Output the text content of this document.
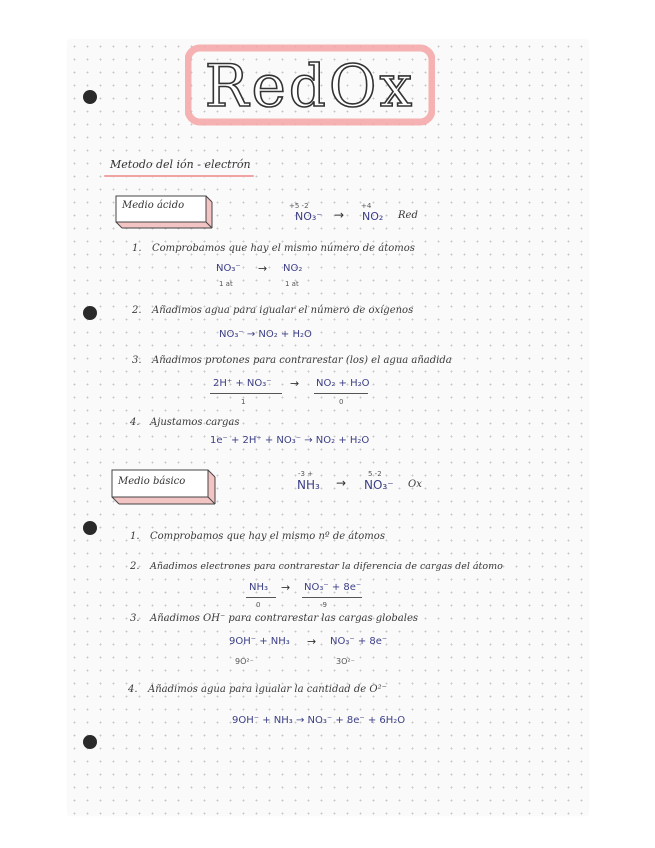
RedOx
Metodo del ión - electrón
Medio ácido	+5 -2	+4
NO₃⁻ → NO₂ Red
1. Comprobamos que hay el mismo número de átomos
NO₃⁻ → NO₂
1 at	1 at
2. Añadimos agua para igualar el número de oxígenos
NO₃⁻ → NO₂ + H₂O
3. Añadimos protones para contrarestar (los) el agua añadida
2H⁺ + NO₃⁻ → NO₂ + H₂O
1	0
4. Ajustamos cargas
1e⁻ + 2H⁺ + NO₃⁻ → NO₂ + H₂O
Medio básico
-3 +	5 -2
NH₃ → NO₃⁻ Ox
1. Comprobamos que hay el mismo nº de átomos
2. Añadimos electrones para contrarestar la diferencia de cargas del átomo
NH₃ → NO₃⁻ + 8e⁻
0	-9
3. Añadimos OH⁻ para contrarestar las cargas globales
9OH⁻ + NH₃ → NO₃⁻ + 8e⁻
9O²⁻	3O²⁻
4. Añadimos agua para igualar la cantidad de O²⁻
9OH⁻ + NH₃ → NO₃⁻ + 8e⁻ + 6H₂O
